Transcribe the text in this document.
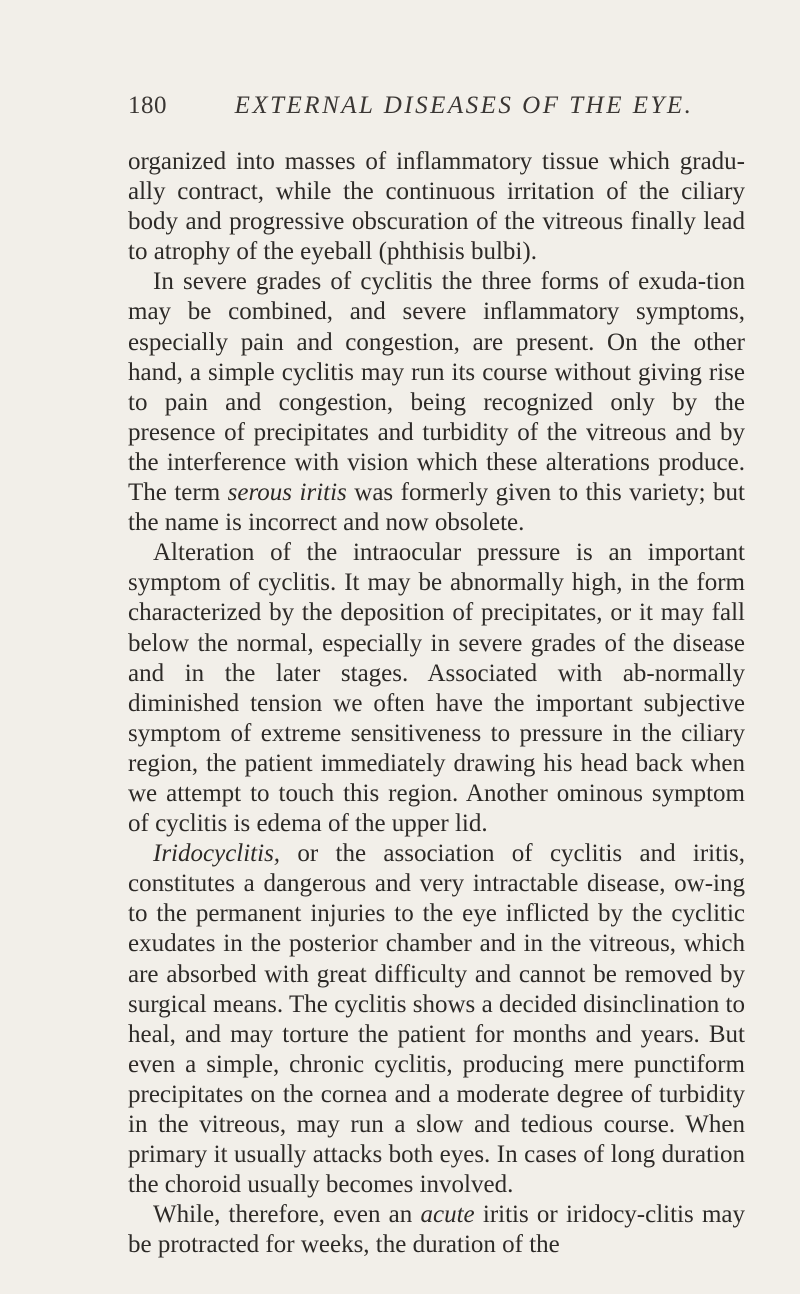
180	EXTERNAL DISEASES OF THE EYE.

organized into masses of inflammatory tissue which gradu-ally contract, while the continuous irritation of the ciliary body and progressive obscuration of the vitreous finally lead to atrophy of the eyeball (phthisis bulbi).

In severe grades of cyclitis the three forms of exuda-tion may be combined, and severe inflammatory symptoms, especially pain and congestion, are present. On the other hand, a simple cyclitis may run its course without giving rise to pain and congestion, being recognized only by the presence of precipitates and turbidity of the vitreous and by the interference with vision which these alterations produce. The term serous iritis was formerly given to this variety; but the name is incorrect and now obsolete.

Alteration of the intraocular pressure is an important symptom of cyclitis. It may be abnormally high, in the form characterized by the deposition of precipitates, or it may fall below the normal, especially in severe grades of the disease and in the later stages. Associated with ab-normally diminished tension we often have the important subjective symptom of extreme sensitiveness to pressure in the ciliary region, the patient immediately drawing his head back when we attempt to touch this region. Another ominous symptom of cyclitis is edema of the upper lid.

Iridocyclitis, or the association of cyclitis and iritis, constitutes a dangerous and very intractable disease, ow-ing to the permanent injuries to the eye inflicted by the cyclitic exudates in the posterior chamber and in the vitreous, which are absorbed with great difficulty and cannot be removed by surgical means. The cyclitis shows a decided disinclination to heal, and may torture the patient for months and years. But even a simple, chronic cyclitis, producing mere punctiform precipitates on the cornea and a moderate degree of turbidity in the vitreous, may run a slow and tedious course. When primary it usually attacks both eyes. In cases of long duration the choroid usually becomes involved.

While, therefore, even an acute iritis or iridocy-clitis may be protracted for weeks, the duration of the
